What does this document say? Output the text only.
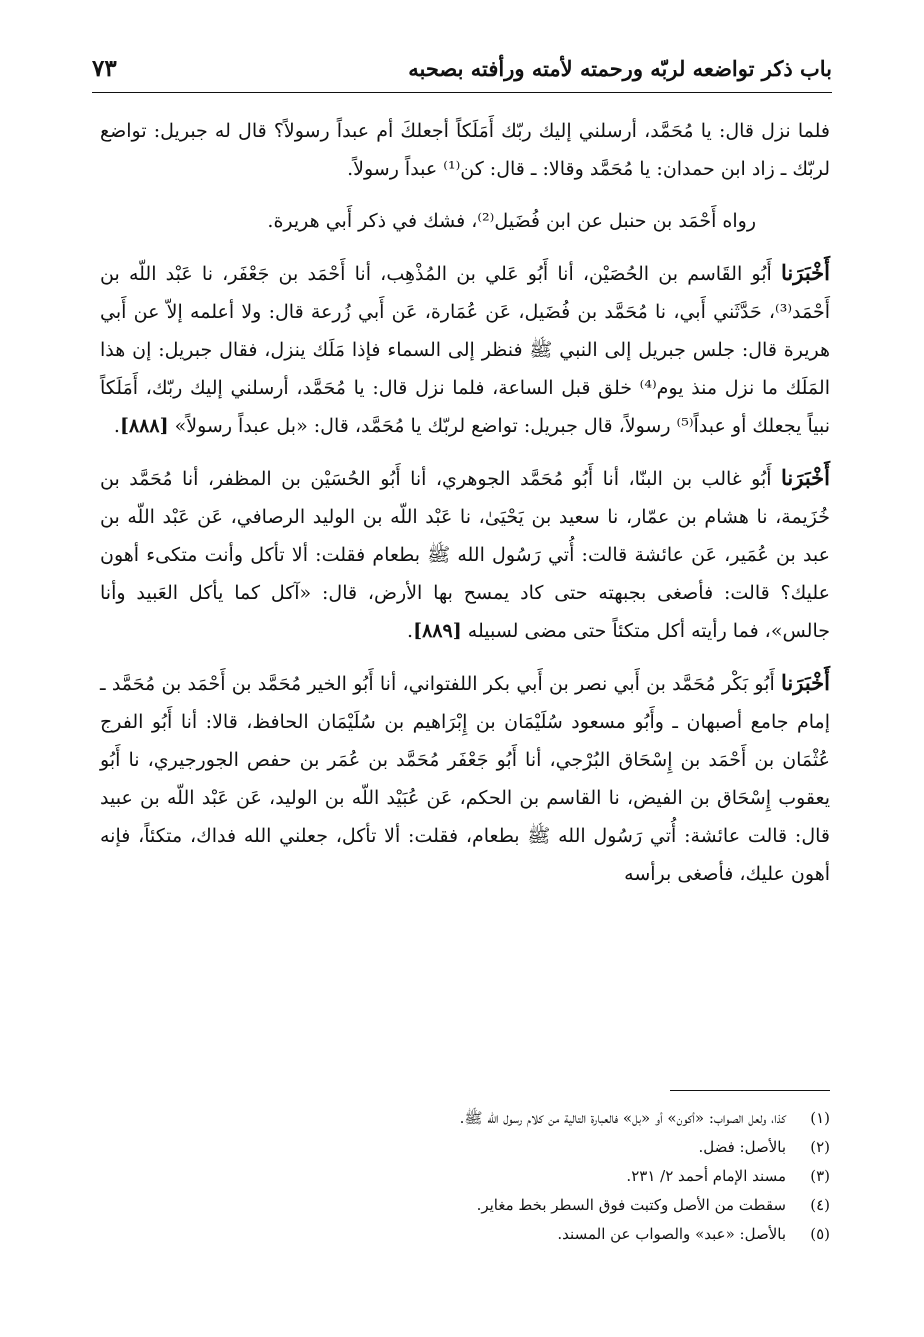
باب ذكر تواضعه لربّه ورحمته لأمته ورأفته بصحبه
٧٣

فلما نزل قال: يا مُحَمَّد، أرسلني إليك ربّك أَمَلَكاً أجعلكَ أم عبداً رسولاً؟ قال له جبريل: تواضع لربّك ـ زاد ابن حمدان: يا مُحَمَّد وقالا: ـ قال: كن⁽¹⁾ عبداً رسولاً.

رواه أَحْمَد بن حنبل عن ابن فُضَيل⁽²⁾، فشك في ذكر أَبي هريرة.

أَخْبَرَنا أَبُو القَاسم بن الحُصَيْن، أنا أَبُو عَلي بن المُذْهِب، أنا أَحْمَد بن جَعْفَر، نا عَبْد اللّه بن أَحْمَد⁽³⁾، حَدَّثَني أَبي، نا مُحَمَّد بن فُضَيل، عَن عُمَارة، عَن أَبي زُرعة قال: ولا أعلمه إلاّ عن أَبي هريرة قال: جلس جبريل إلى النبي ﷺ فنظر إلى السماء فإذا مَلَك ينزل، فقال جبريل: إن هذا المَلَك ما نزل منذ يوم⁽⁴⁾ خلق قبل الساعة، فلما نزل قال: يا مُحَمَّد، أرسلني إليك ربّك، أَمَلَكاً نبياً يجعلك أو عبداً⁽⁵⁾ رسولاً، قال جبريل: تواضع لربّك يا مُحَمَّد، قال: «بل عبداً رسولاً» [٨٨٨].

أَخْبَرَنا أَبُو غالب بن البنّا، أنا أَبُو مُحَمَّد الجوهري، أنا أَبُو الحُسَيْن بن المظفر، أنا مُحَمَّد بن خُزَيمة، نا هشام بن عمّار، نا سعيد بن يَحْيَىٰ، نا عَبْد اللّه بن الوليد الرصافي، عَن عَبْد اللّه بن عبد بن عُمَير، عَن عائشة قالت: أُتي رَسُول الله ﷺ بطعام فقلت: ألا تأكل وأنت متكىء أهون عليك؟ قالت: فأصغى بجبهته حتى كاد يمسح بها الأرض، قال: «آكل كما يأكل العَبيد وأنا جالس»، فما رأيته أكل متكئاً حتى مضى لسبيله [٨٨٩].

أَخْبَرَنا أَبُو بَكْر مُحَمَّد بن أَبي نصر بن أَبي بكر اللفتواني، أنا أَبُو الخير مُحَمَّد بن أَحْمَد بن مُحَمَّد ـ إمام جامع أصبهان ـ وأَبُو مسعود سُلَيْمَان بن إِبْرَاهيم بن سُلَيْمَان الحافظ، قالا: أنا أَبُو الفرج عُثْمَان بن أَحْمَد بن إِسْحَاق البُرْجي، أنا أَبُو جَعْفَر مُحَمَّد بن عُمَر بن حفص الجورجيري، نا أَبُو يعقوب إِسْحَاق بن الفيض، نا القاسم بن الحكم، عَن عُبَيْد اللّه بن الوليد، عَن عَبْد اللّه بن عبيد قال: قالت عائشة: أُتي رَسُول الله ﷺ بطعام، فقلت: ألا تأكل، جعلني الله فداك، متكئاً، فإنه أهون عليك، فأصغى برأسه

(١)
كذا، ولعل الصواب: «أكون» أو «بل» فالعبارة التالية من كلام رسول الله ﷺ.
(٢)
بالأصل: فضل.
(٣)
مسند الإمام أحمد ٢/ ٢٣١.
(٤)
سقطت من الأصل وكتبت فوق السطر بخط مغاير.
(٥)
بالأصل: «عبد» والصواب عن المسند.
